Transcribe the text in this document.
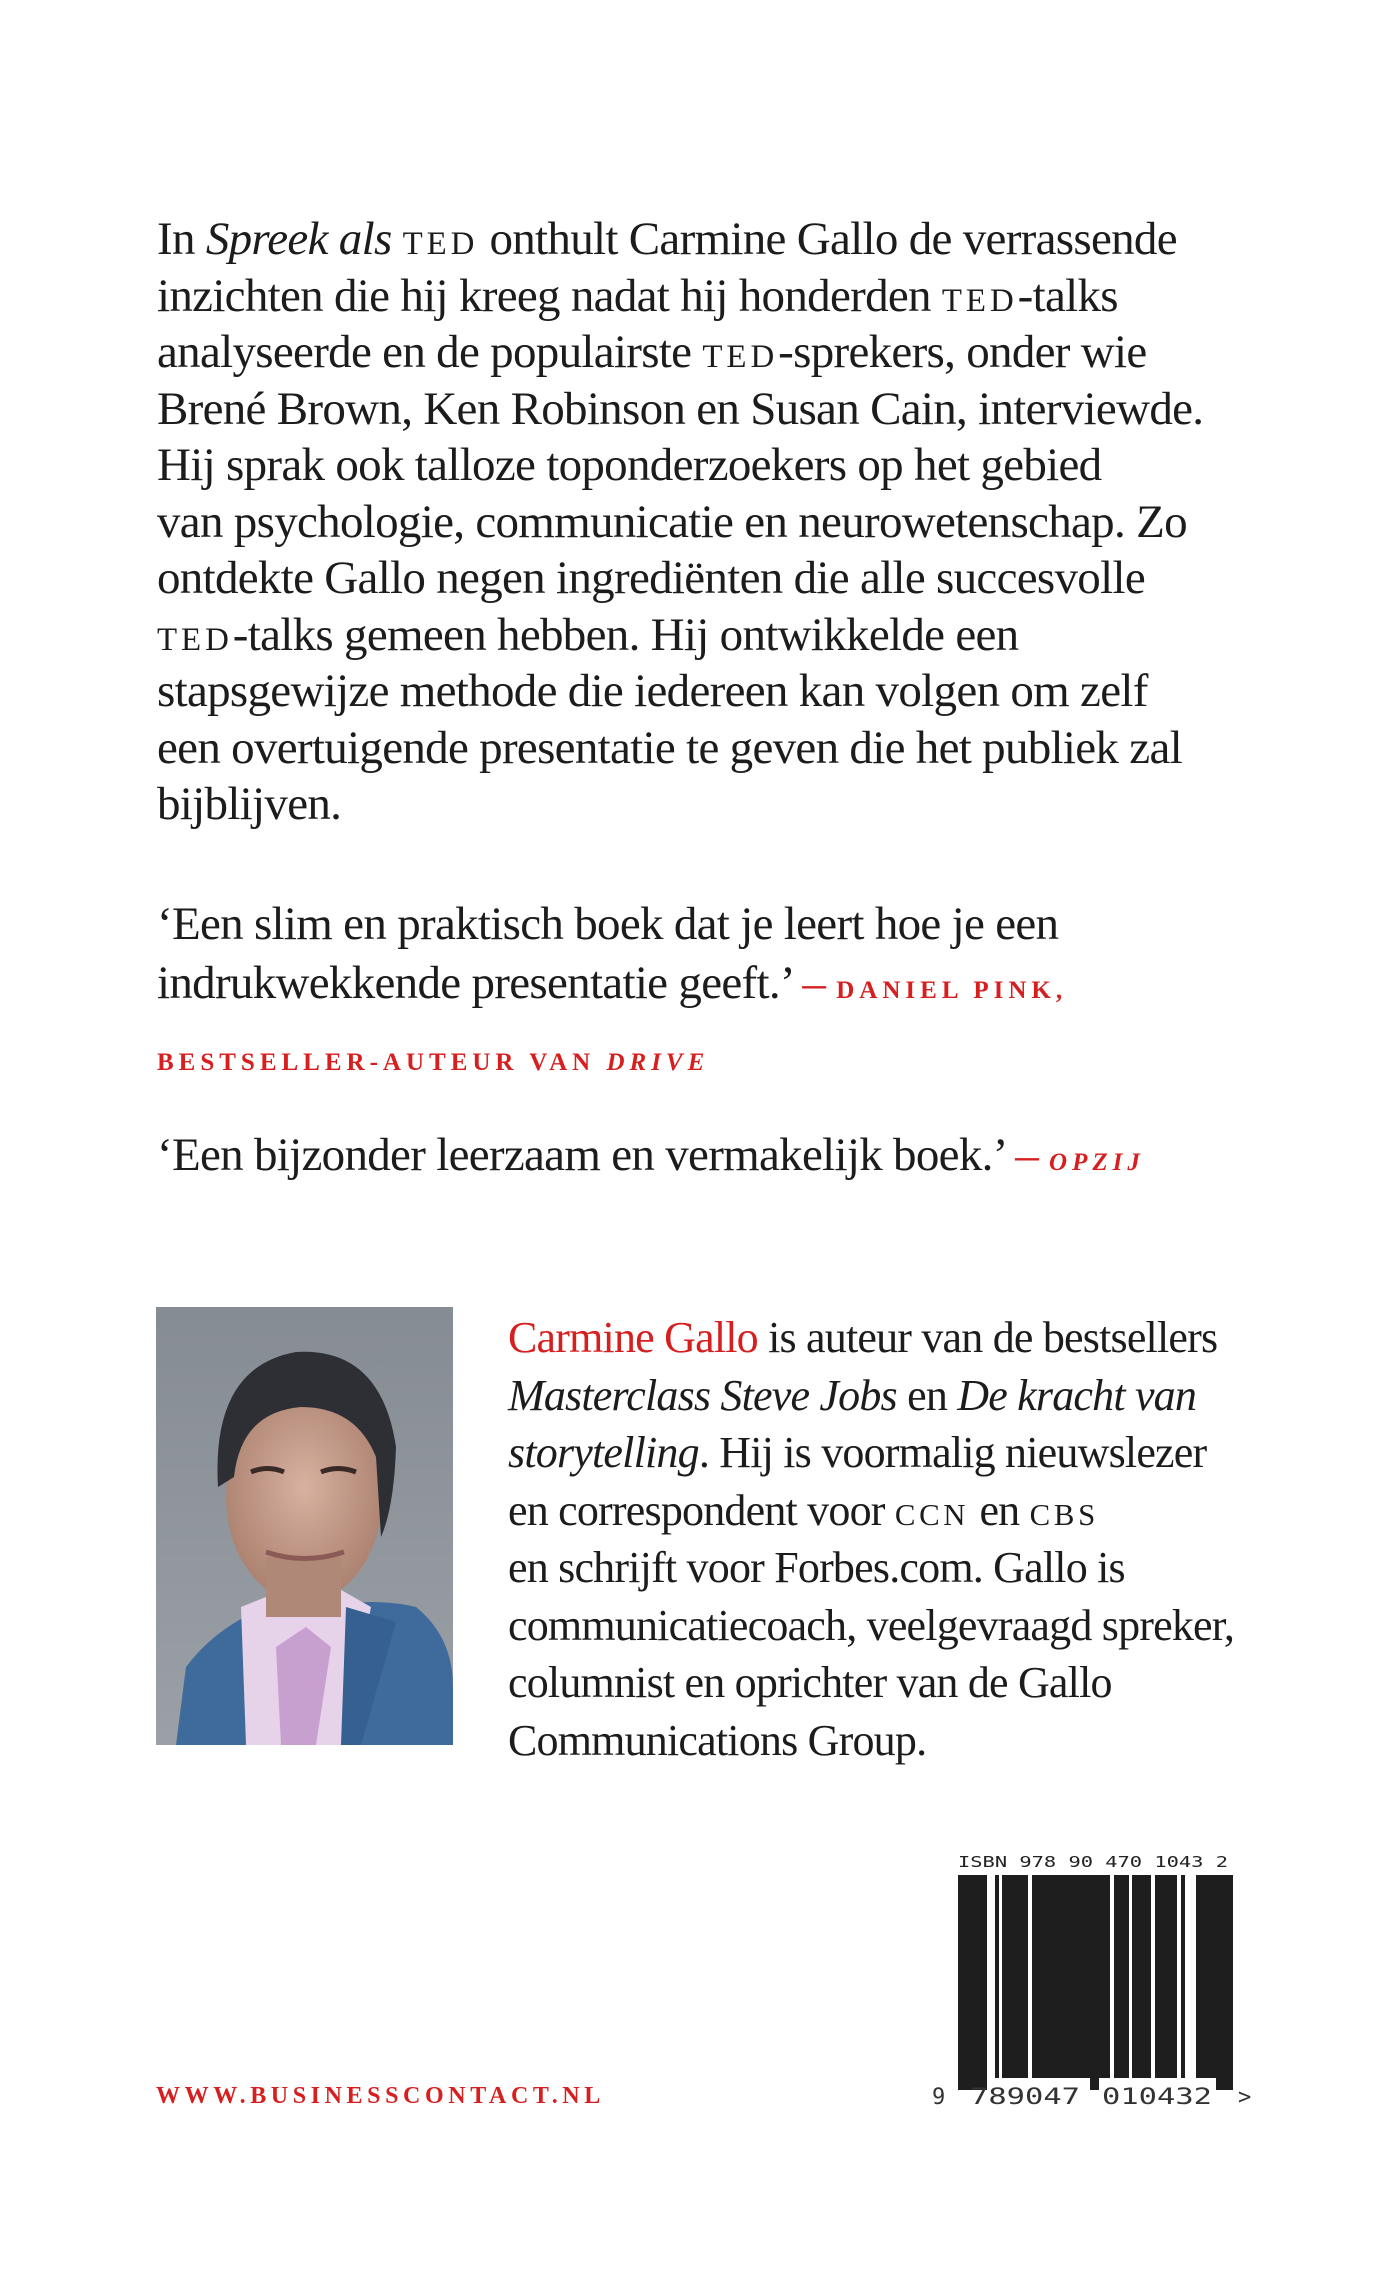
In Spreek als TED onthult Carmine Gallo de verrassende
inzichten die hij kreeg nadat hij honderden TED-talks
analyseerde en de populairste TED-sprekers, onder wie
Brené Brown, Ken Robinson en Susan Cain, interviewde.
Hij sprak ook talloze toponderzoekers op het gebied
van psychologie, communicatie en neurowetenschap. Zo
ontdekte Gallo negen ingrediënten die alle succesvolle
TED-talks gemeen hebben. Hij ontwikkelde een
stapsgewijze methode die iedereen kan volgen om zelf
een overtuigende presentatie te geven die het publiek zal
bijblijven.
‘Een slim en praktisch boek dat je leert hoe je een
indrukwekkende presentatie geeft.’ – DANIEL PINK,
BESTSELLER-AUTEUR VAN DRIVE
‘Een bijzonder leerzaam en vermakelijk boek.’ – OPZIJ
Carmine Gallo is auteur van de bestsellers
Masterclass Steve Jobs en De kracht van
storytelling. Hij is voormalig nieuwslezer
en correspondent voor CCN en CBS
en schrijft voor Forbes.com. Gallo is
communicatiecoach, veelgevraagd spreker,
columnist en oprichter van de Gallo
Communications Group.
WWW.BUSINESSCONTACT.NL
ISBN 978 90 470 1043 2
9 789047 010432 >
